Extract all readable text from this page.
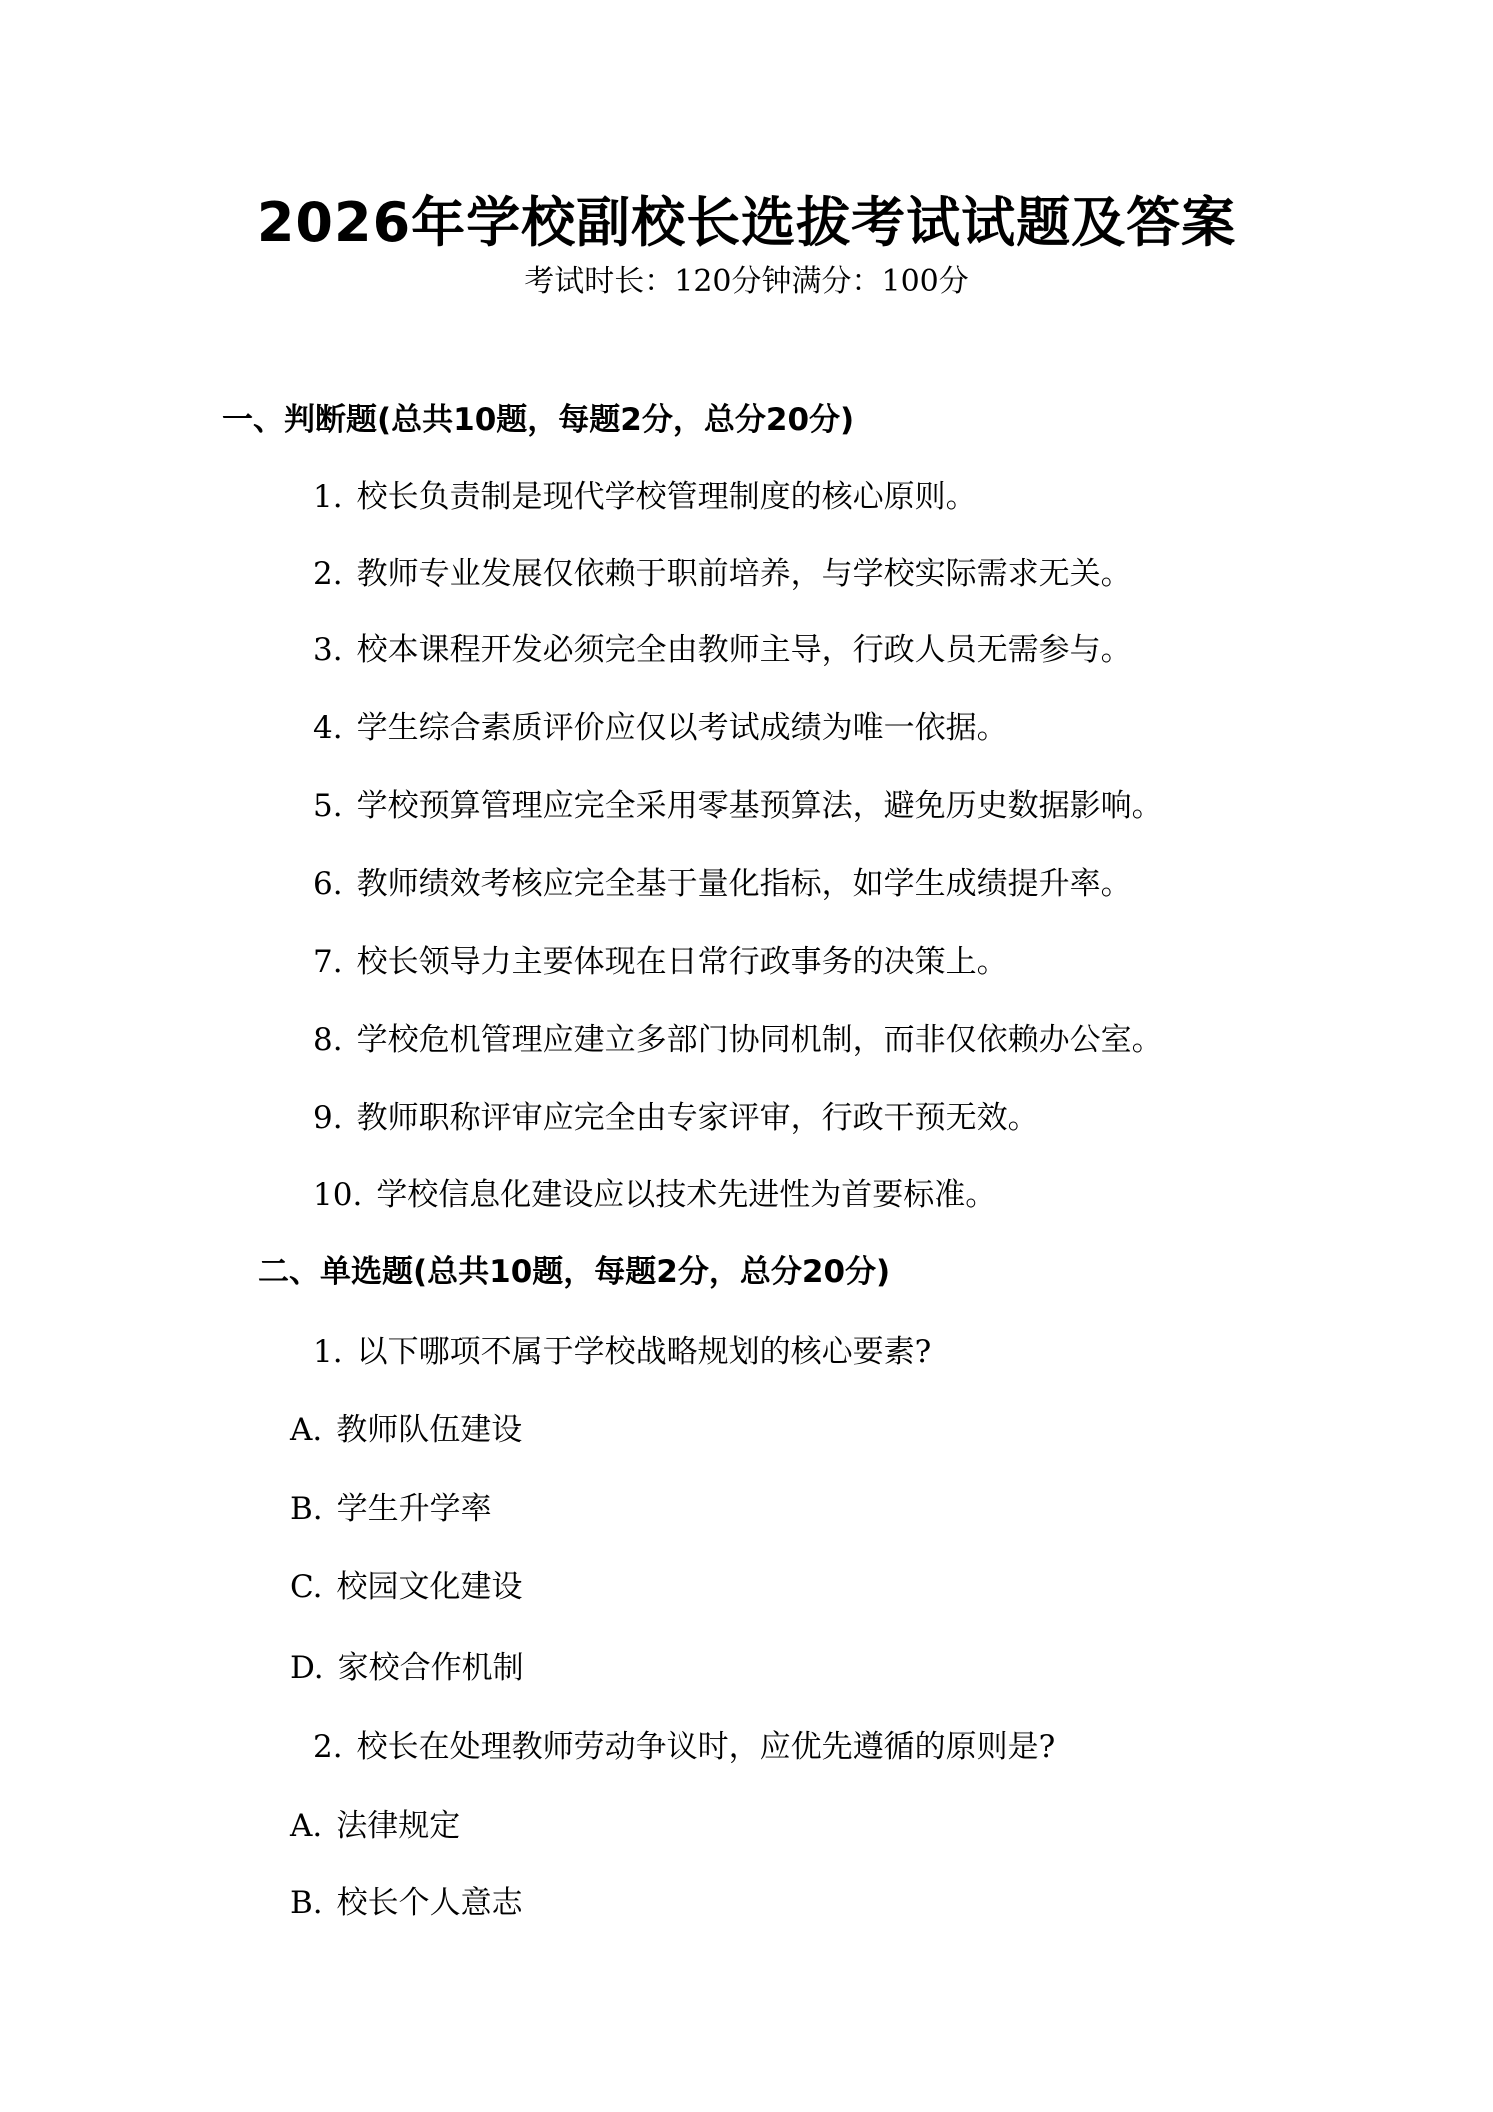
2026年学校副校长选拔考试试题及答案
考试时长：120分钟满分：100分
一、判断题(总共10题，每题2分，总分20分)
1. 校长负责制是现代学校管理制度的核心原则。
2. 教师专业发展仅依赖于职前培养，与学校实际需求无关。
3. 校本课程开发必须完全由教师主导，行政人员无需参与。
4. 学生综合素质评价应仅以考试成绩为唯一依据。
5. 学校预算管理应完全采用零基预算法，避免历史数据影响。
6. 教师绩效考核应完全基于量化指标，如学生成绩提升率。
7. 校长领导力主要体现在日常行政事务的决策上。
8. 学校危机管理应建立多部门协同机制，而非仅依赖办公室。
9. 教师职称评审应完全由专家评审，行政干预无效。
10. 学校信息化建设应以技术先进性为首要标准。
二、单选题(总共10题，每题2分，总分20分)
1. 以下哪项不属于学校战略规划的核心要素?
A. 教师队伍建设
B. 学生升学率
C. 校园文化建设
D. 家校合作机制
2. 校长在处理教师劳动争议时，应优先遵循的原则是?
A. 法律规定
B. 校长个人意志
